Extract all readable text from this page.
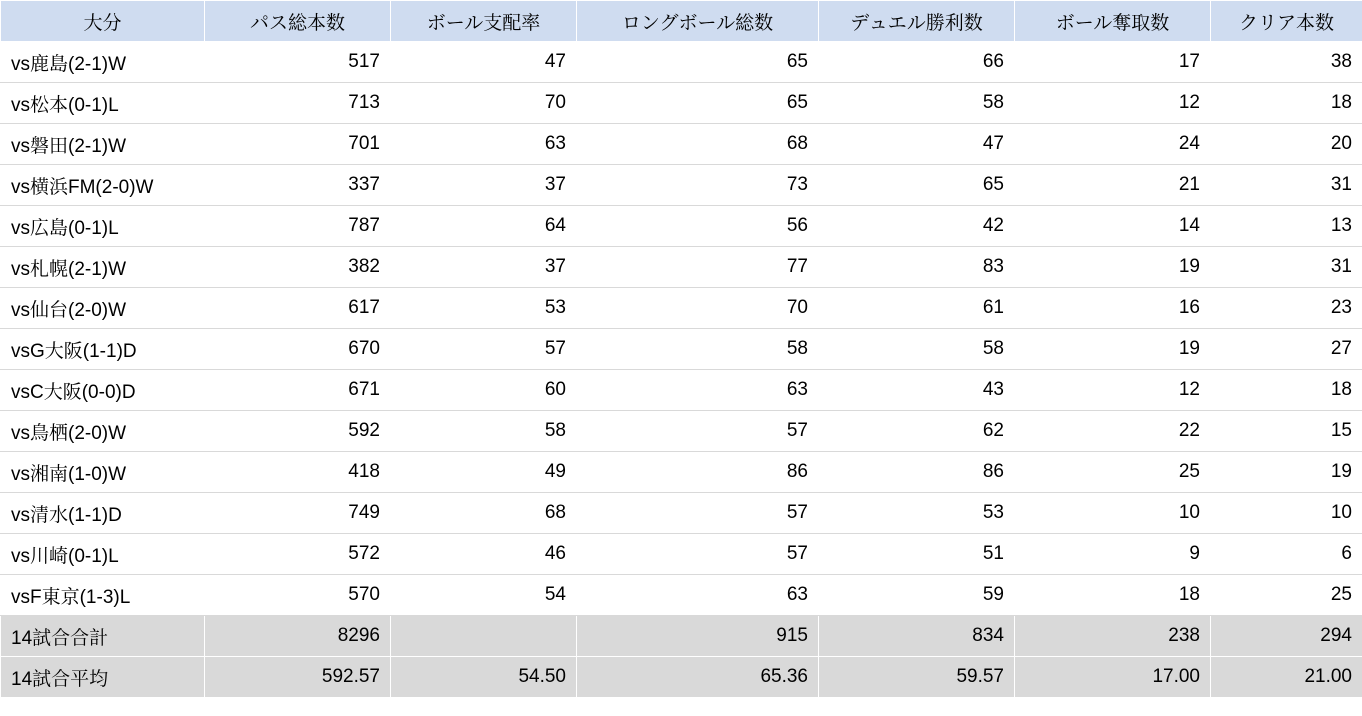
大分	パス総本数	ボール支配率	ロングボール総数	デュエル勝利数	ボール奪取数	クリア本数
vs鹿島(2-1)W	517	47	65	66	17	38
vs松本(0-1)L	713	70	65	58	12	18
vs磐田(2-1)W	701	63	68	47	24	20
vs横浜FM(2-0)W	337	37	73	65	21	31
vs広島(0-1)L	787	64	56	42	14	13
vs札幌(2-1)W	382	37	77	83	19	31
vs仙台(2-0)W	617	53	70	61	16	23
vsG大阪(1-1)D	670	57	58	58	19	27
vsC大阪(0-0)D	671	60	63	43	12	18
vs鳥栖(2-0)W	592	58	57	62	22	15
vs湘南(1-0)W	418	49	86	86	25	19
vs清水(1-1)D	749	68	57	53	10	10
vs川崎(0-1)L	572	46	57	51	9	6
vsF東京(1-3)L	570	54	63	59	18	25
14試合合計	8296		915	834	238	294
14試合平均	592.57	54.50	65.36	59.57	17.00	21.00
